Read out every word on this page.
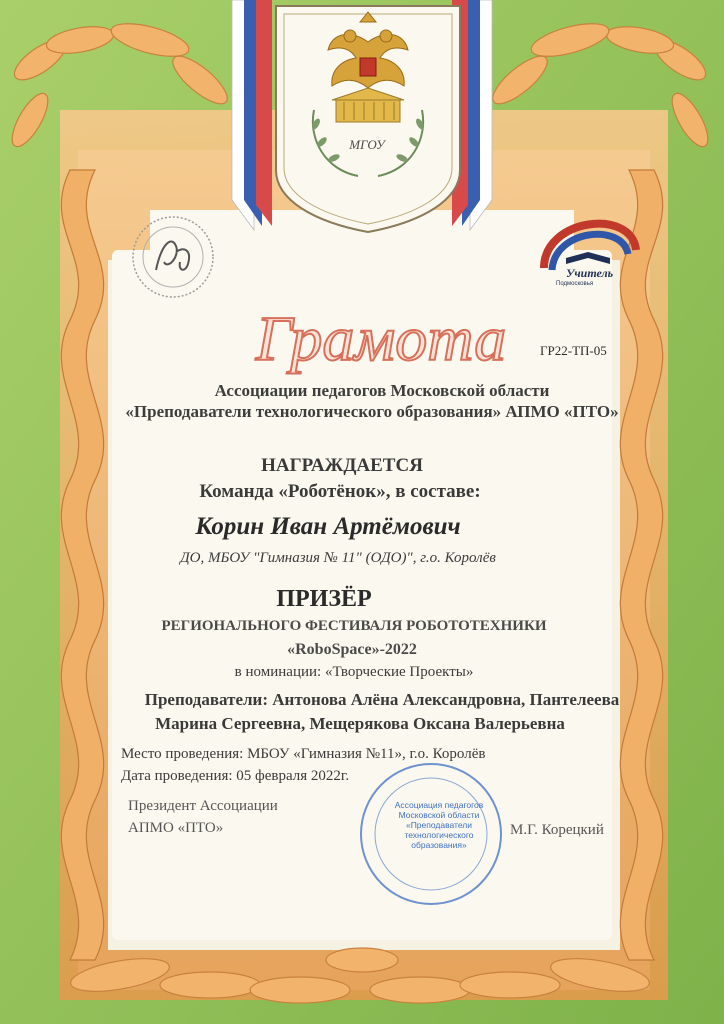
МГОУ
Учитель
Подмосковья
Грамота	ГР22-ТП-05
Ассоциации педагогов Московской области
«Преподаватели технологического образования» АПМО «ПТО»
НАГРАЖДАЕТСЯ
Команда «Роботёнок», в составе:
Корин Иван Артёмович
ДО, МБОУ "Гимназия № 11" (ОДО)", г.о. Королёв
ПРИЗЁР
РЕГИОНАЛЬНОГО ФЕСТИВАЛЯ РОБОТОТЕХНИКИ
«RoboSpace»-2022
в номинации: «Творческие Проекты»
Преподаватели: Антонова Алёна Александровна, Пантелеева
Марина Сергеевна, Мещерякова Оксана Валерьевна
Место проведения: МБОУ «Гимназия №11», г.о. Королёв
Дата проведения: 05 февраля 2022г.
Ассоциация педагогов Московской области «Преподаватели технологического образования»
Президент Ассоциации
АПМО «ПТО»	М.Г. Корецкий
